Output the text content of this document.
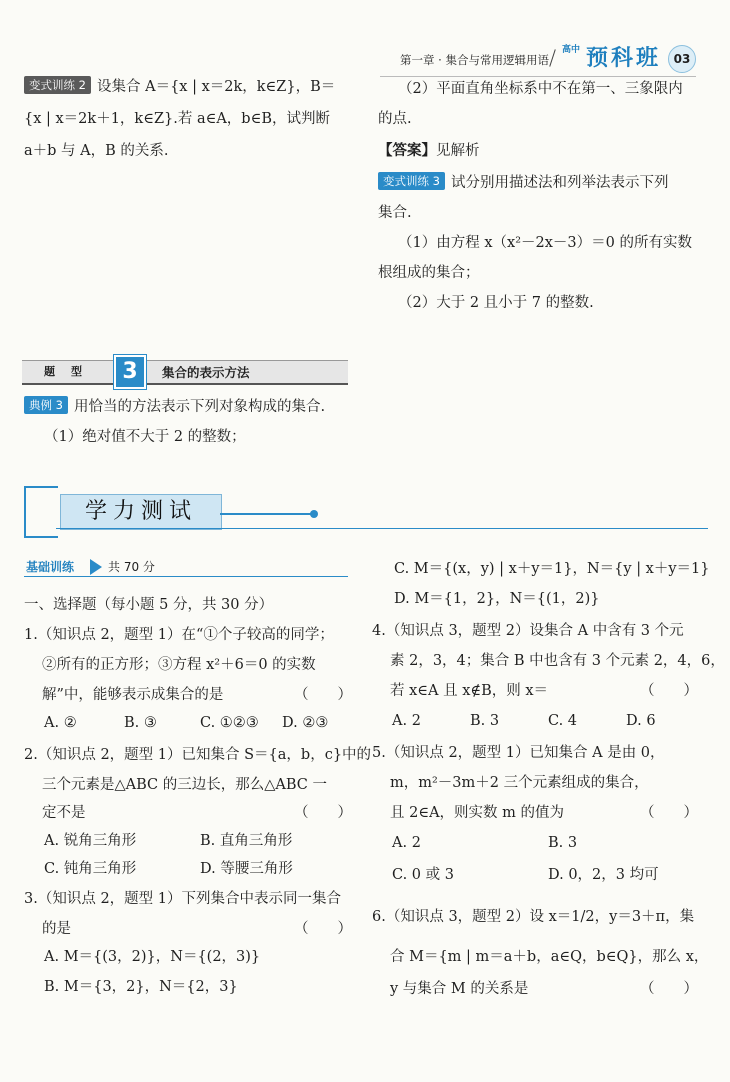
第一章 · 集合与常用逻辑用语
高中 预科班	03
变式训练 2 设集合 A＝{x | x＝2k，k∈Z}，B＝
{x | x＝2k＋1，k∈Z}.若 a∈A，b∈B，试判断
a＋b 与 A，B 的关系.
（2）平面直角坐标系中不在第一、三象限内
的点.
【答案】见解析
变式训练 3 试分别用描述法和列举法表示下列
集合.
（1）由方程 x（x²－2x－3）＝0 的所有实数
根组成的集合；
（2）大于 2 且小于 7 的整数.
题型	3	集合的表示方法
典例 3 用恰当的方法表示下列对象构成的集合.
（1）绝对值不大于 2 的整数；
学力测试
基础训练	共 70 分
一、选择题（每小题 5 分，共 30 分）
1.（知识点 2，题型 1）在“①个子较高的同学；
②所有的正方形；③方程 x²＋6＝0 的实数
解”中，能够表示成集合的是	（　　）
A. ②	B. ③	C. ①②③ D. ②③
2.（知识点 2，题型 1）已知集合 S＝{a，b，c}中的
三个元素是△ABC 的三边长，那么△ABC 一
定不是	（　　）
A. 锐角三角形	B. 直角三角形
C. 钝角三角形	D. 等腰三角形
3.（知识点 2，题型 1）下列集合中表示同一集合
的是	（　　）
A. M＝{(3，2)}，N＝{(2，3)}
B. M＝{3，2}，N＝{2，3}
C. M＝{(x，y) | x＋y＝1}，N＝{y | x＋y＝1}
D. M＝{1，2}，N＝{(1，2)}
4.（知识点 3，题型 2）设集合 A 中含有 3 个元
素 2，3，4；集合 B 中也含有 3 个元素 2，4，6，
若 x∈A 且 x∉B，则 x＝	（　　）
A. 2	B. 3	C. 4	D. 6
5.（知识点 2，题型 1）已知集合 A 是由 0，
m，m²－3m＋2 三个元素组成的集合，
且 2∈A，则实数 m 的值为	（　　）
A. 2	B. 3
C. 0 或 3	D. 0，2，3 均可
6.（知识点 3，题型 2）设 x＝1/2，y＝3＋π，集
合 M＝{m | m＝a＋b，a∈Q，b∈Q}，那么 x，
y 与集合 M 的关系是	（　　）
